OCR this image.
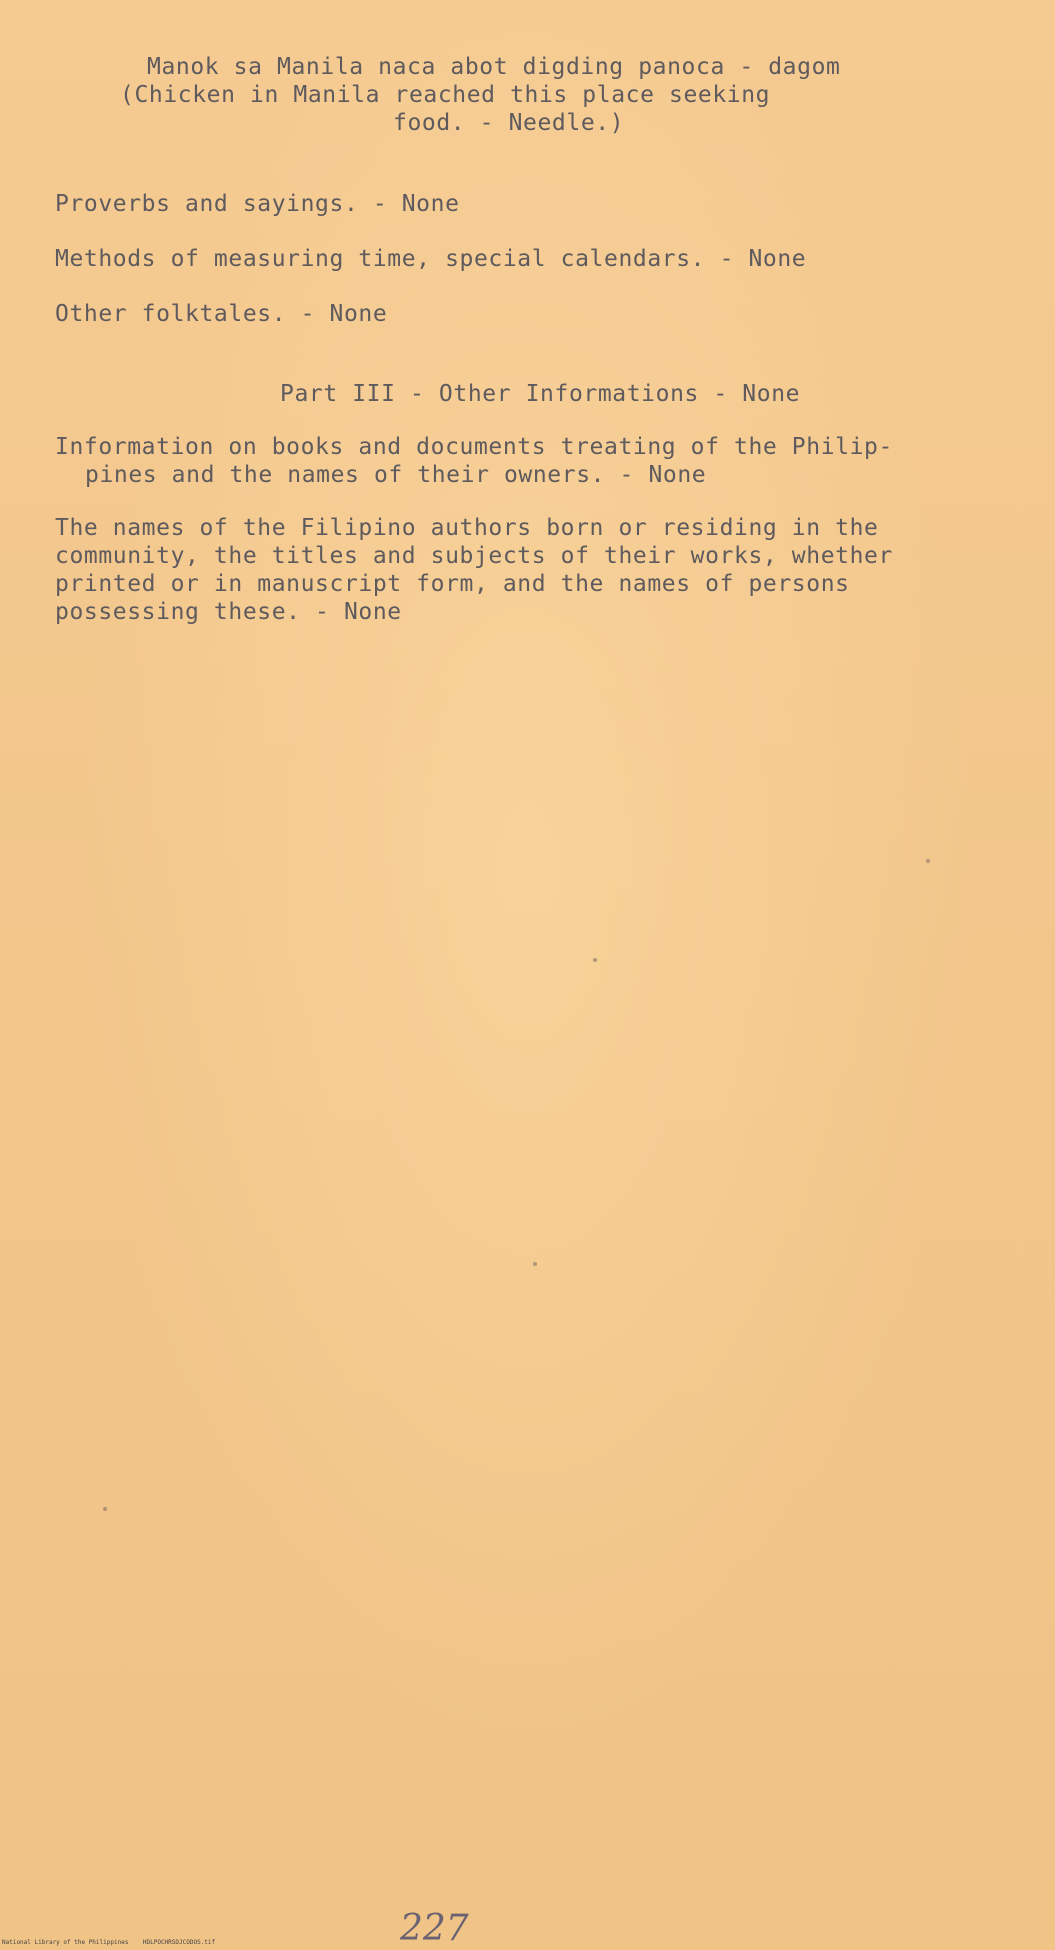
Manok sa Manila naca abot digding panoca - dagom
(Chicken in Manila reached this place seeking
food. - Needle.)
Proverbs and sayings. - None
Methods of measuring time, special calendars. - None
Other folktales. - None
Part III - Other Informations - None
Information on books and documents treating of the Philip-
pines and the names of their owners. - None
The names of the Filipino authors born or residing in the
community, the titles and subjects of their works, whether
printed or in manuscript form, and the names of persons
possessing these. - None
227
National Library of the Philippines    HDLPOCHRSDJCODOS.tif
